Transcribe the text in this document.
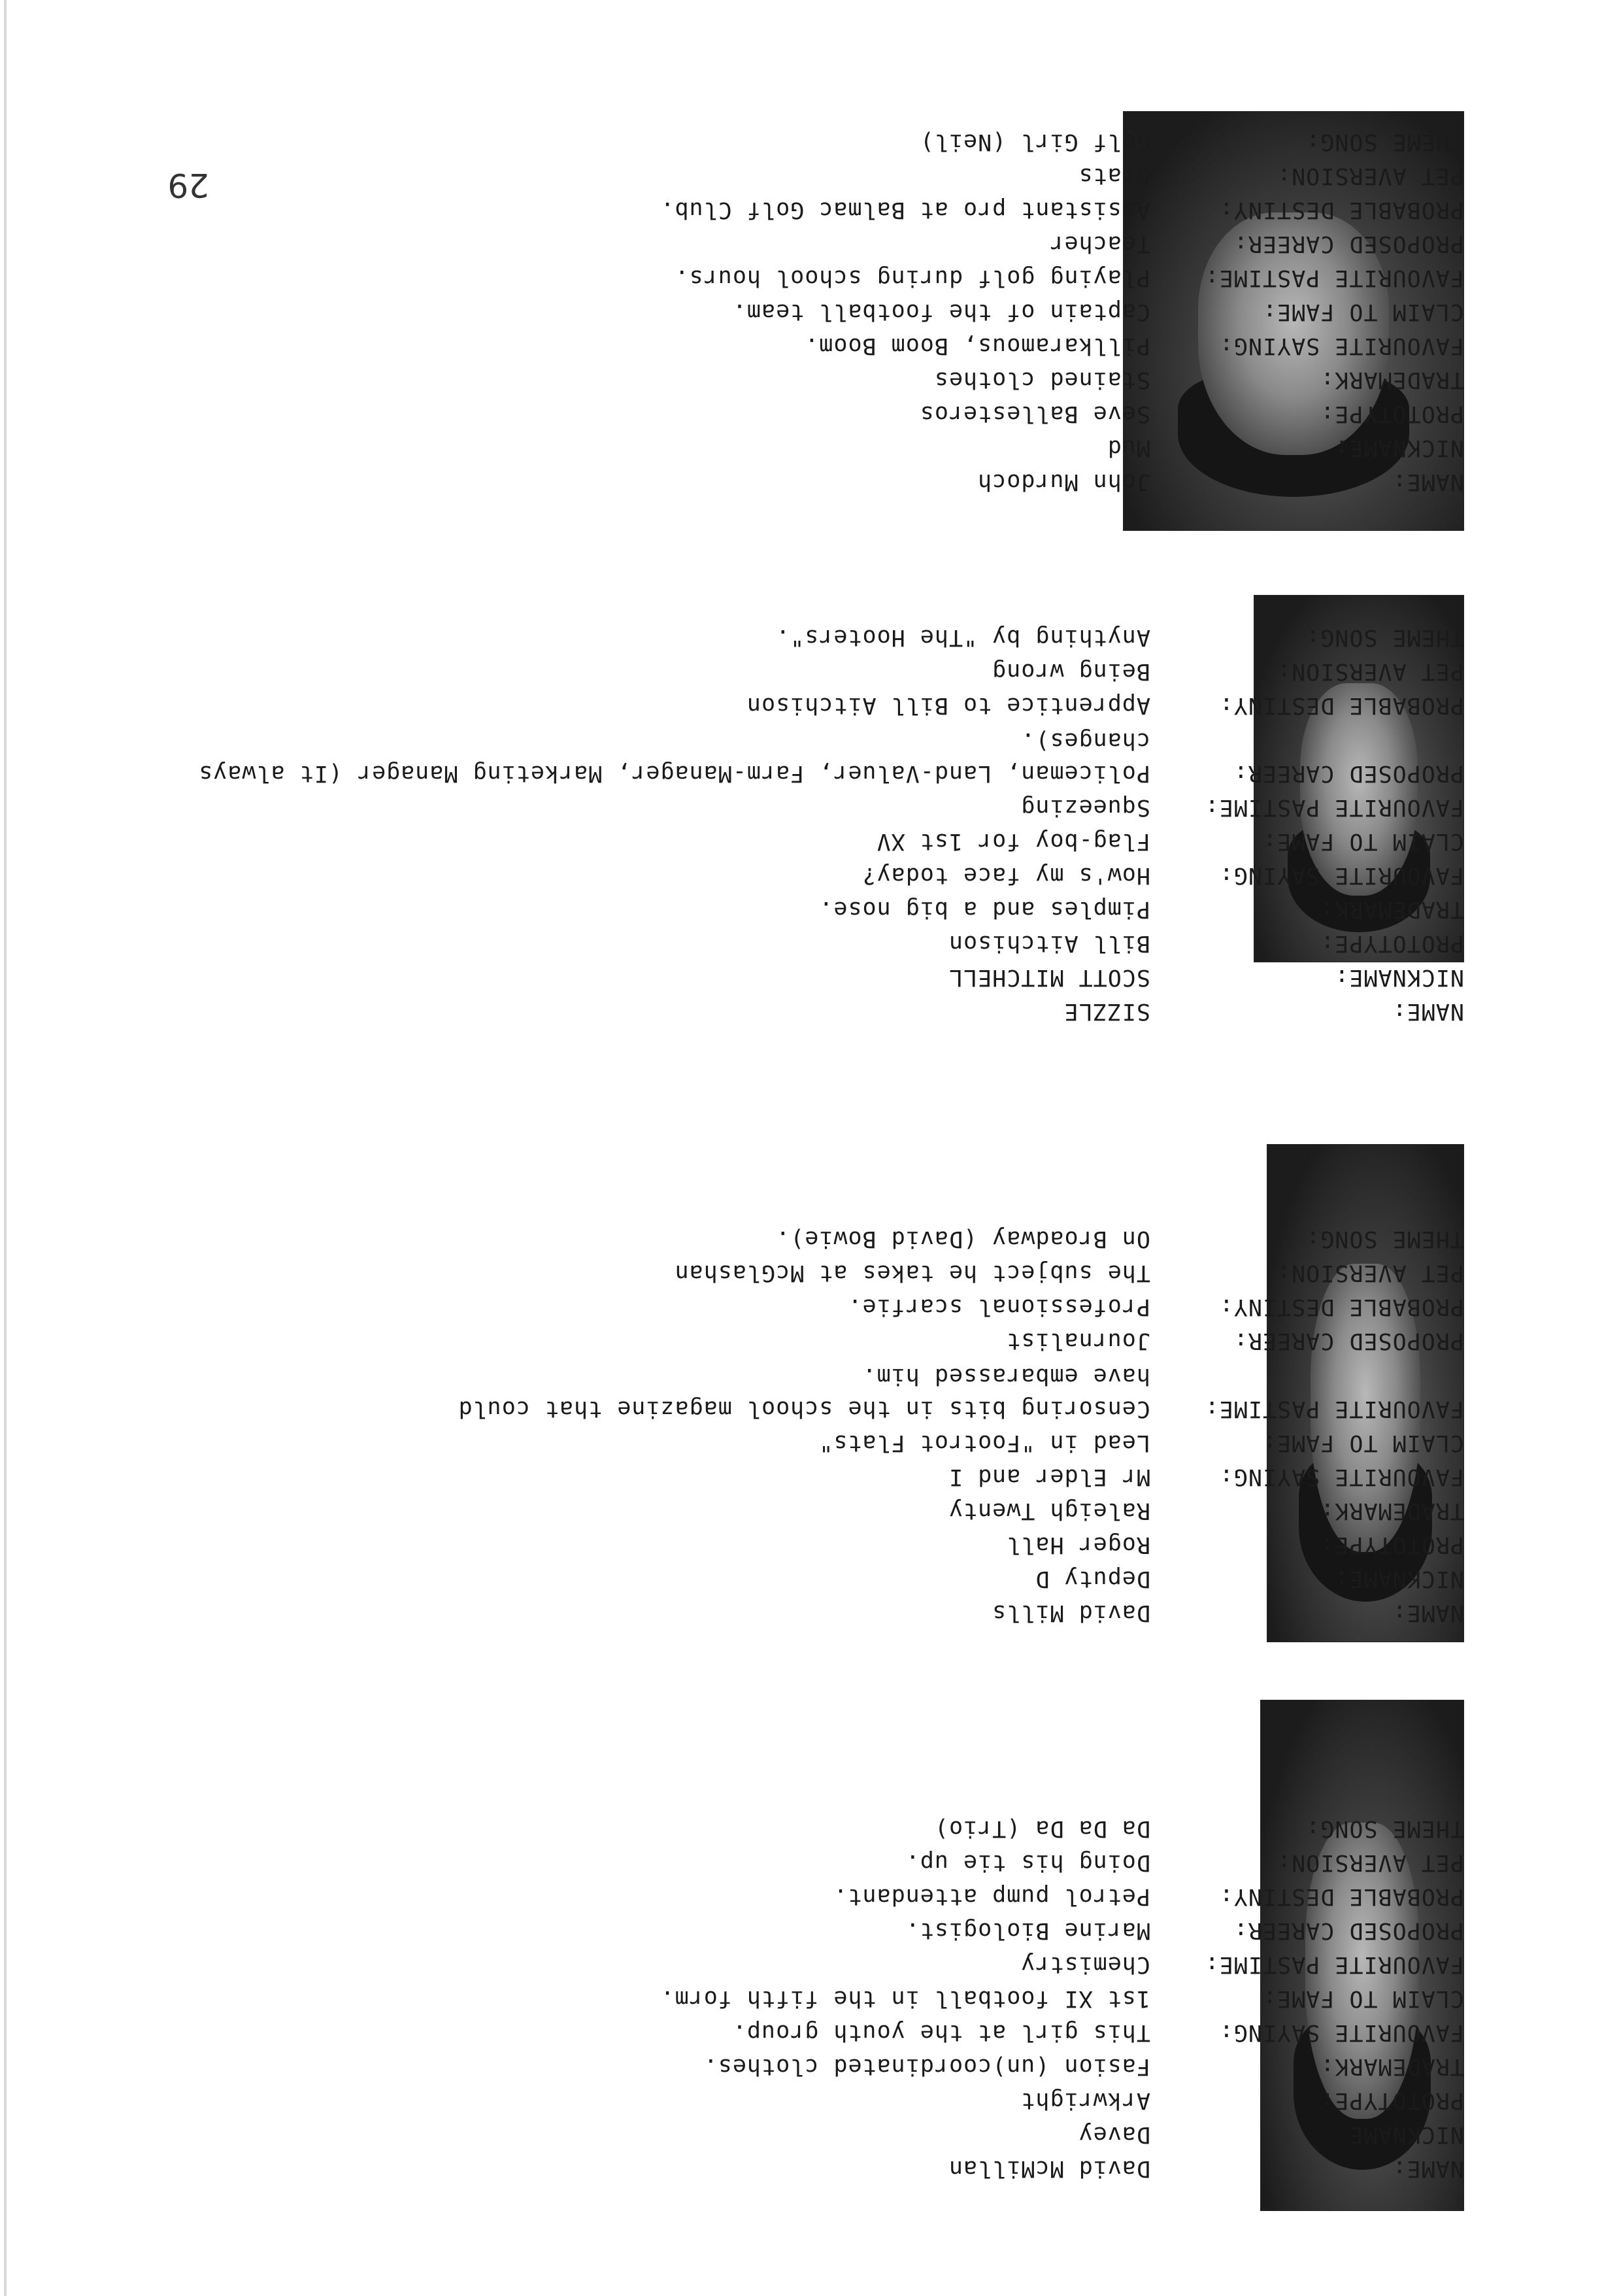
NAME:
David McMillan
NICKNAME
Davey
PROTOTYPE:
Arkwright
TRADEMARK:
Fasion (un)coordinated clothes.
FAVOURITE SAYING:
This girl at the youth group.
CLAIM TO FAME:
1st XI football in the fifth form.
FAVOURITE PASTIME:
Chemistry
PROPOSED CAREER:
Marine Biologist.
PROBABLE DESTINY:
Petrol pump attendant.
PET AVERSION:
Doing his tie up.
THEME SONG:
Da Da Da (Trio)
NAME:
David Mills
NICKNAME:
Deputy D
PROTOTYPE:
Roger Hall
TRADEMARK:
Raleigh Twenty
FAVOURITE SAYING:
Mr Elder and I
CLAIM TO FAME:
Lead in "Footrot Flats"
FAVOURITE PASTIME:
Censoring bits in the school magazine that could have embarassed him.
PROPOSED CAREER:
Journalist
PROBABLE DESTINY:
Professional scarfie.
PET AVERSION:
The subject he takes at McGlashan
THEME SONG:
On Broadway (David Bowie).
NAME:
SIZZLE
NICKNAME:
SCOTT MITCHELL
PROTOTYPE:
Bill Aitchison
TRADEMARK:
Pimples and a big nose.
FAVOURITE SAYING:
How's my face today?
CLAIM TO FAME:
Flag-boy for 1st XV
FAVOURITE PASTIME:
Squeezing
PROPOSED CAREER:
Policeman, Land-Valuer, Farm-Manager, Marketing Manager (It always changes).
PROBABLE DESTINY:
Apprentice to Bill Aitchison
PET AVERSION:
Being wrong
THEME SONG:
Anything by "The Hooters".
NAME:
John Murdoch
NICKNAME:
Mud
PROTOTYPE:
Seve Ballesteros
TRADEMARK:
Stained clothes
FAVOURITE SAYING:
Pillkaramous, Boom Boom.
CLAIM TO FAME:
Captain of the football team.
FAVOURITE PASTIME:
Playing golf during school hours.
PROPOSED CAREER:
Teacher
PROBABLE DESTINY:
Assistant pro at Balmac Golf Club.
PET AVERSION:
Stats
THEME SONG:
Golf Girl (Neil)
29
